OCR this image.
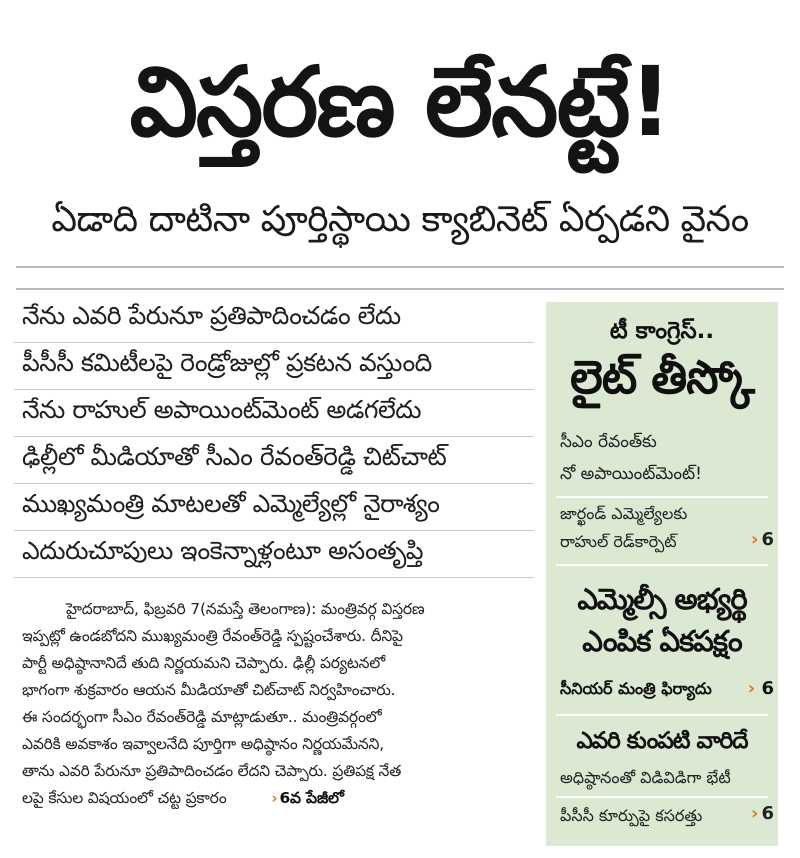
విస్తరణ లేనట్టే!
ఏడాది దాటినా పూర్తిస్థాయి క్యాబినెట్ ఏర్పడని వైనం
నేను ఎవరి పేరునూ ప్రతిపాదించడం లేదు
పీసీసీ కమిటీలపై రెండ్రోజుల్లో ప్రకటన వస్తుంది
నేను రాహుల్ అపాయింట్‌మెంట్ అడగలేదు
ఢిల్లీలో మీడియాతో సీఎం రేవంత్‌రెడ్డి చిట్‌చాట్
ముఖ్యమంత్రి మాటలతో ఎమ్మెల్యేల్లో నైరాశ్యం
ఎదురుచూపులు ఇంకెన్నాళ్లంటూ అసంతృప్తి
హైదరాబాద్, ఫిబ్రవరి 7(నమస్తే తెలంగాణ): మంత్రివర్గ విస్తరణ
ఇప్పట్లో ఉండబోదని ముఖ్యమంత్రి రేవంత్‌రెడ్డి స్పష్టంచేశారు. దీనిపై
పార్టీ అధిష్ఠానానిదే తుది నిర్ణయమని చెప్పారు. ఢిల్లీ పర్యటనలో
భాగంగా శుక్రవారం ఆయన మీడియాతో చిట్‌చాట్ నిర్వహించారు.
ఈ సందర్భంగా సీఎం రేవంత్‌రెడ్డి మాట్లాడుతూ.. మంత్రివర్గంలో
ఎవరికి అవకాశం ఇవ్వాలనేది పూర్తిగా అధిష్ఠానం నిర్ణయమేనని,
తాను ఎవరి పేరునూ ప్రతిపాదించడం లేదని చెప్పారు. ప్రతిపక్ష నేత
లపై కేసుల విషయంలో చట్ట ప్రకారం	› 6వ పేజీలో
టీ కాంగ్రెస్..
లైట్ తీస్కో
సీఎం రేవంత్‌కు
నో అపాయింట్‌మెంట్!
జార్ఖండ్ ఎమ్మెల్యేలకు
రాహుల్ రెడ్‌కార్పెట్	› 6
ఎమ్మెల్సీ అభ్యర్థి
ఎంపిక ఏకపక్షం
సీనియర్ మంత్రి ఫిర్యాదు › 6
ఎవరి కుంపటి వారిదే
అధిష్ఠానంతో విడివిడిగా భేటీ
పీసీసీ కూర్పుపై కసరత్తు	› 6
